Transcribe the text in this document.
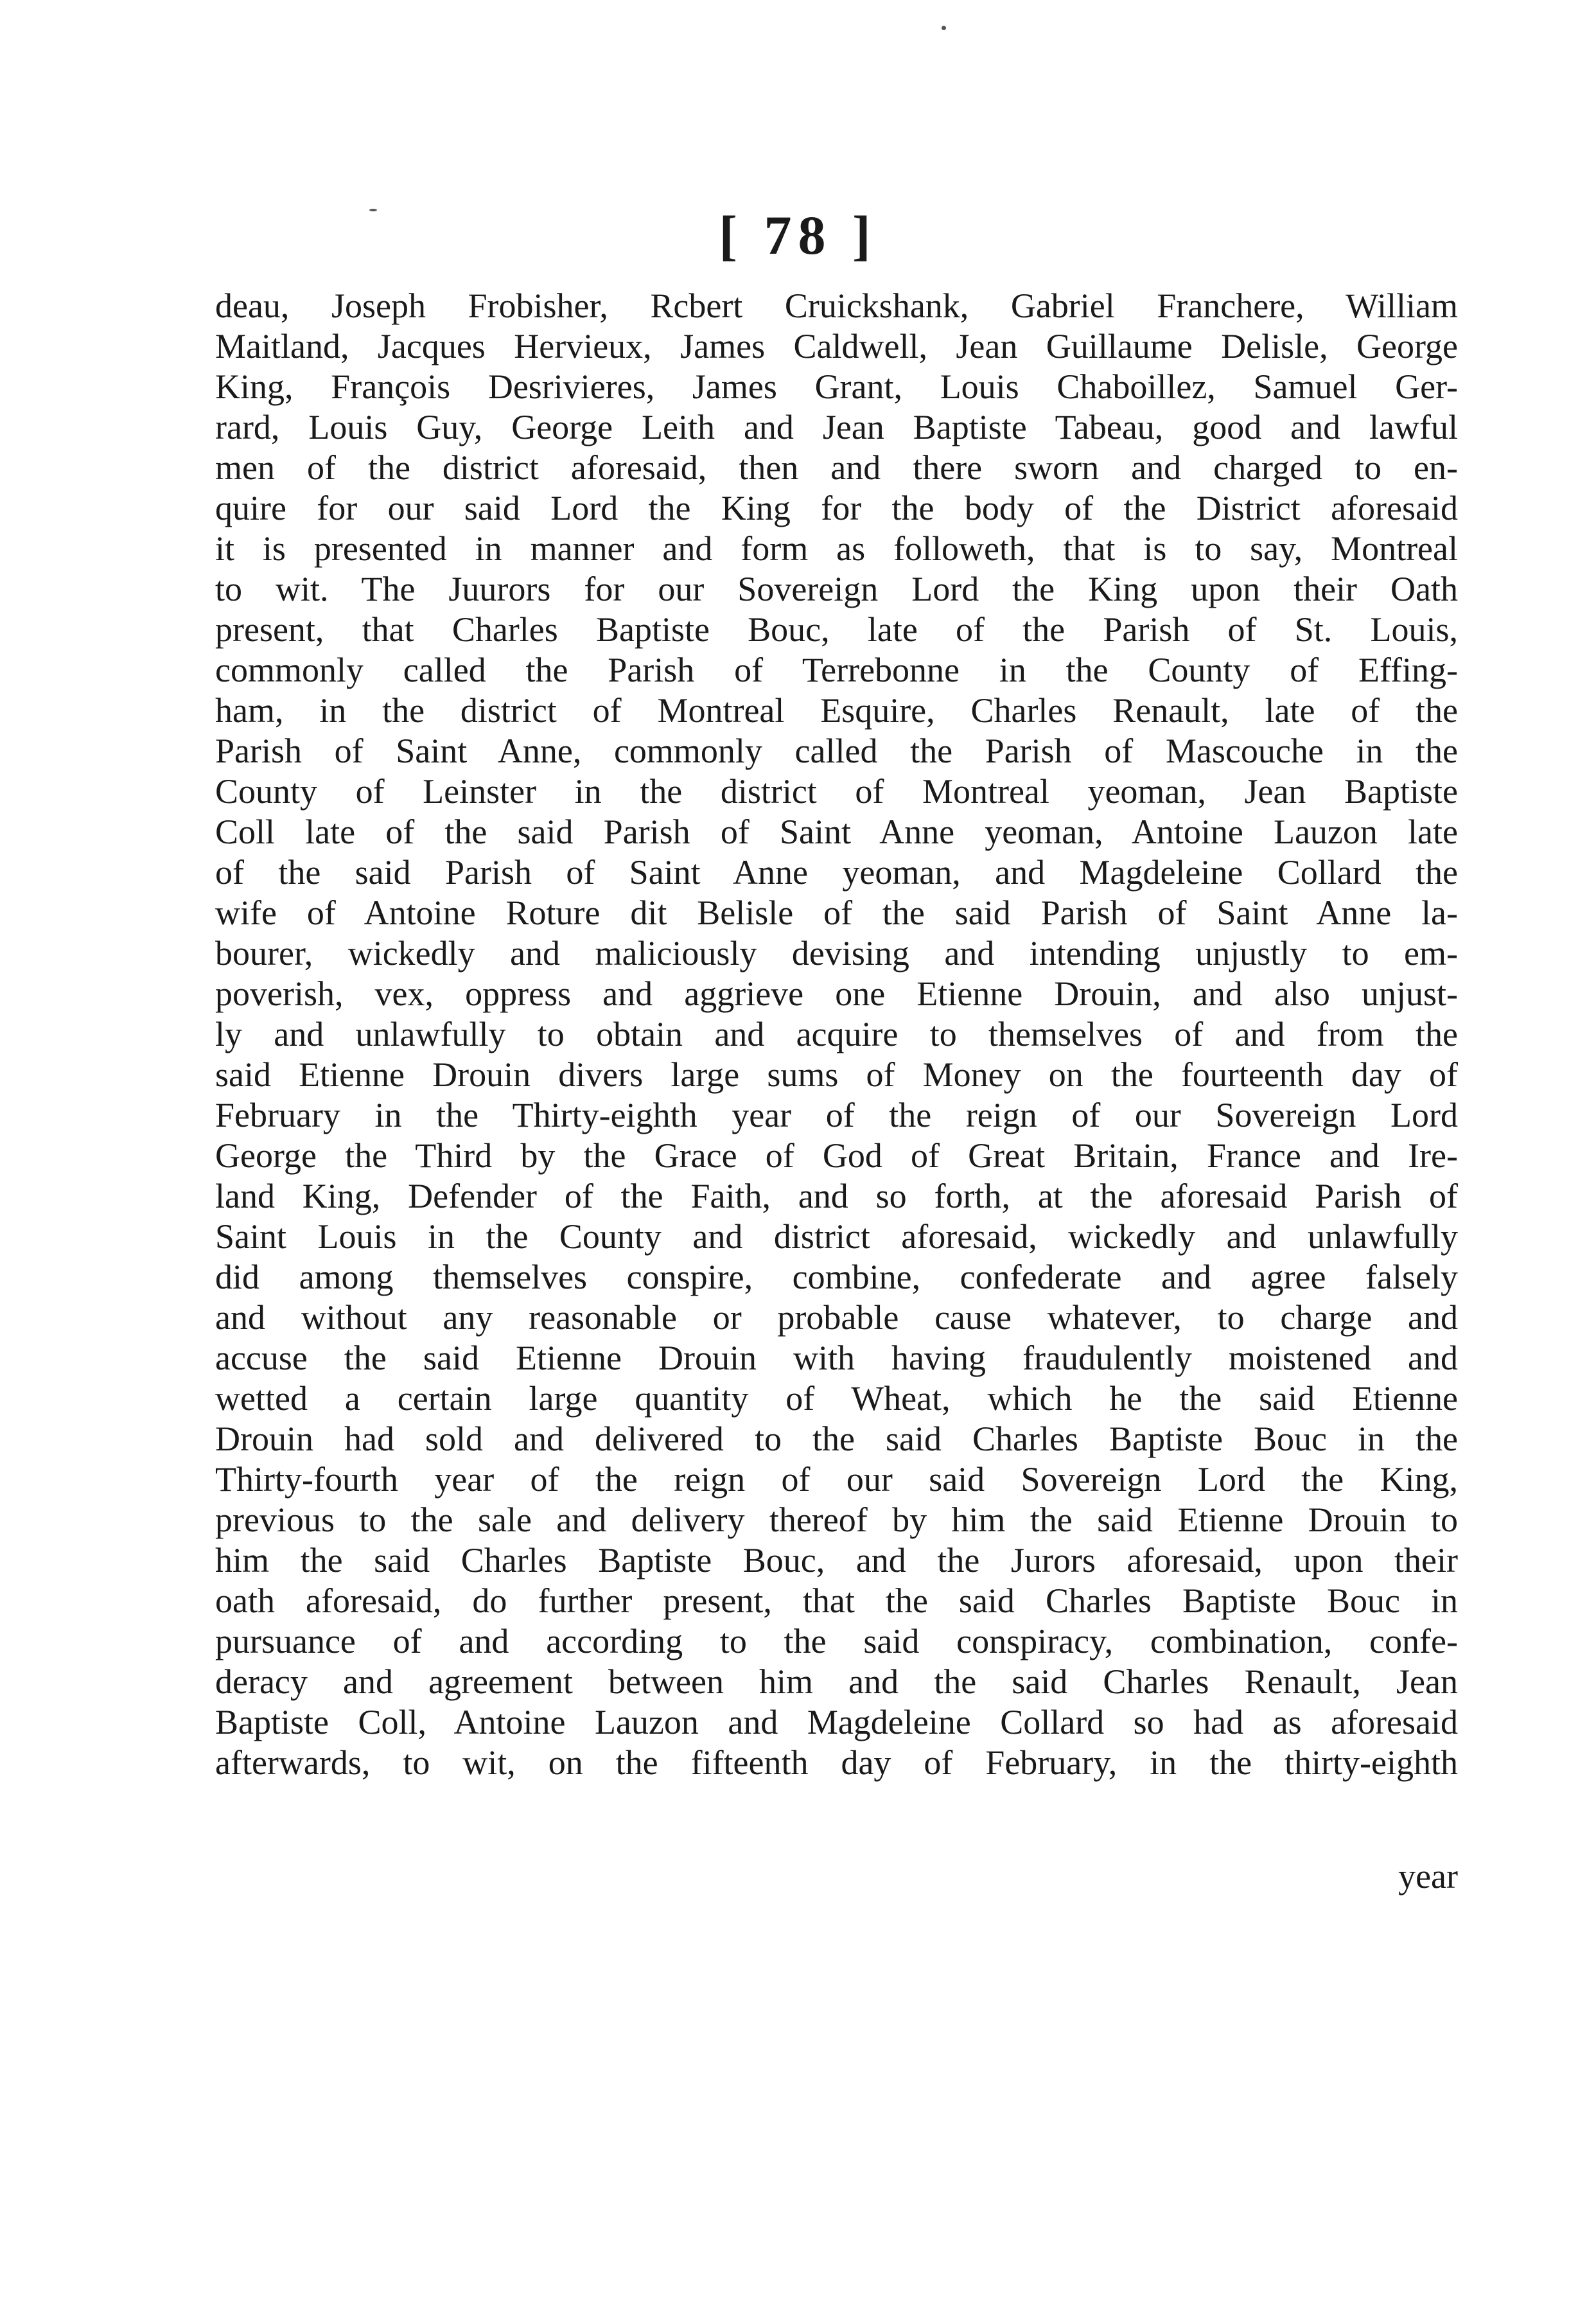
[ 78 ]
deau, Joseph Frobisher, Rcbert Cruickshank, Gabriel Franchere, William
Maitland, Jacques Hervieux, James Caldwell, Jean Guillaume Delisle, George
King, François Desrivieres, James Grant, Louis Chaboillez, Samuel Ger-
rard, Louis Guy, George Leith and Jean Baptiste Tabeau, good and lawful
men of the district aforesaid, then and there sworn and charged to en-
quire for our said Lord the King for the body of the District aforesaid
it is presented in manner and form as followeth, that is to say, Montreal
to wit. The Juurors for our Sovereign Lord the King upon their Oath
present, that Charles Baptiste Bouc, late of the Parish of St. Louis,
commonly called the Parish of Terrebonne in the County of Effing-
ham, in the district of Montreal Esquire, Charles Renault, late of the
Parish of Saint Anne, commonly called the Parish of Mascouche in the
County of Leinster in the district of Montreal yeoman, Jean Baptiste
Coll late of the said Parish of Saint Anne yeoman, Antoine Lauzon late
of the said Parish of Saint Anne yeoman, and Magdeleine Collard the
wife of Antoine Roture dit Belisle of the said Parish of Saint Anne la-
bourer, wickedly and maliciously devising and intending unjustly to em-
poverish, vex, oppress and aggrieve one Etienne Drouin, and also unjust-
ly and unlawfully to obtain and acquire to themselves of and from the
said Etienne Drouin divers large sums of Money on the fourteenth day of
February in the Thirty-eighth year of the reign of our Sovereign Lord
George the Third by the Grace of God of Great Britain, France and Ire-
land King, Defender of the Faith, and so forth, at the aforesaid Parish of
Saint Louis in the County and district aforesaid, wickedly and unlawfully
did among themselves conspire, combine, confederate and agree falsely
and without any reasonable or probable cause whatever, to charge and
accuse the said Etienne Drouin with having fraudulently moistened and
wetted a certain large quantity of Wheat, which he the said Etienne
Drouin had sold and delivered to the said Charles Baptiste Bouc in the
Thirty-fourth year of the reign of our said Sovereign Lord the King,
previous to the sale and delivery thereof by him the said Etienne Drouin to
him the said Charles Baptiste Bouc, and the Jurors aforesaid, upon their
oath aforesaid, do further present, that the said Charles Baptiste Bouc in
pursuance of and according to the said conspiracy, combination, confe-
deracy and agreement between him and the said Charles Renault, Jean
Baptiste Coll, Antoine Lauzon and Magdeleine Collard so had as aforesaid
afterwards, to wit, on the fifteenth day of February, in the thirty-eighth
year
